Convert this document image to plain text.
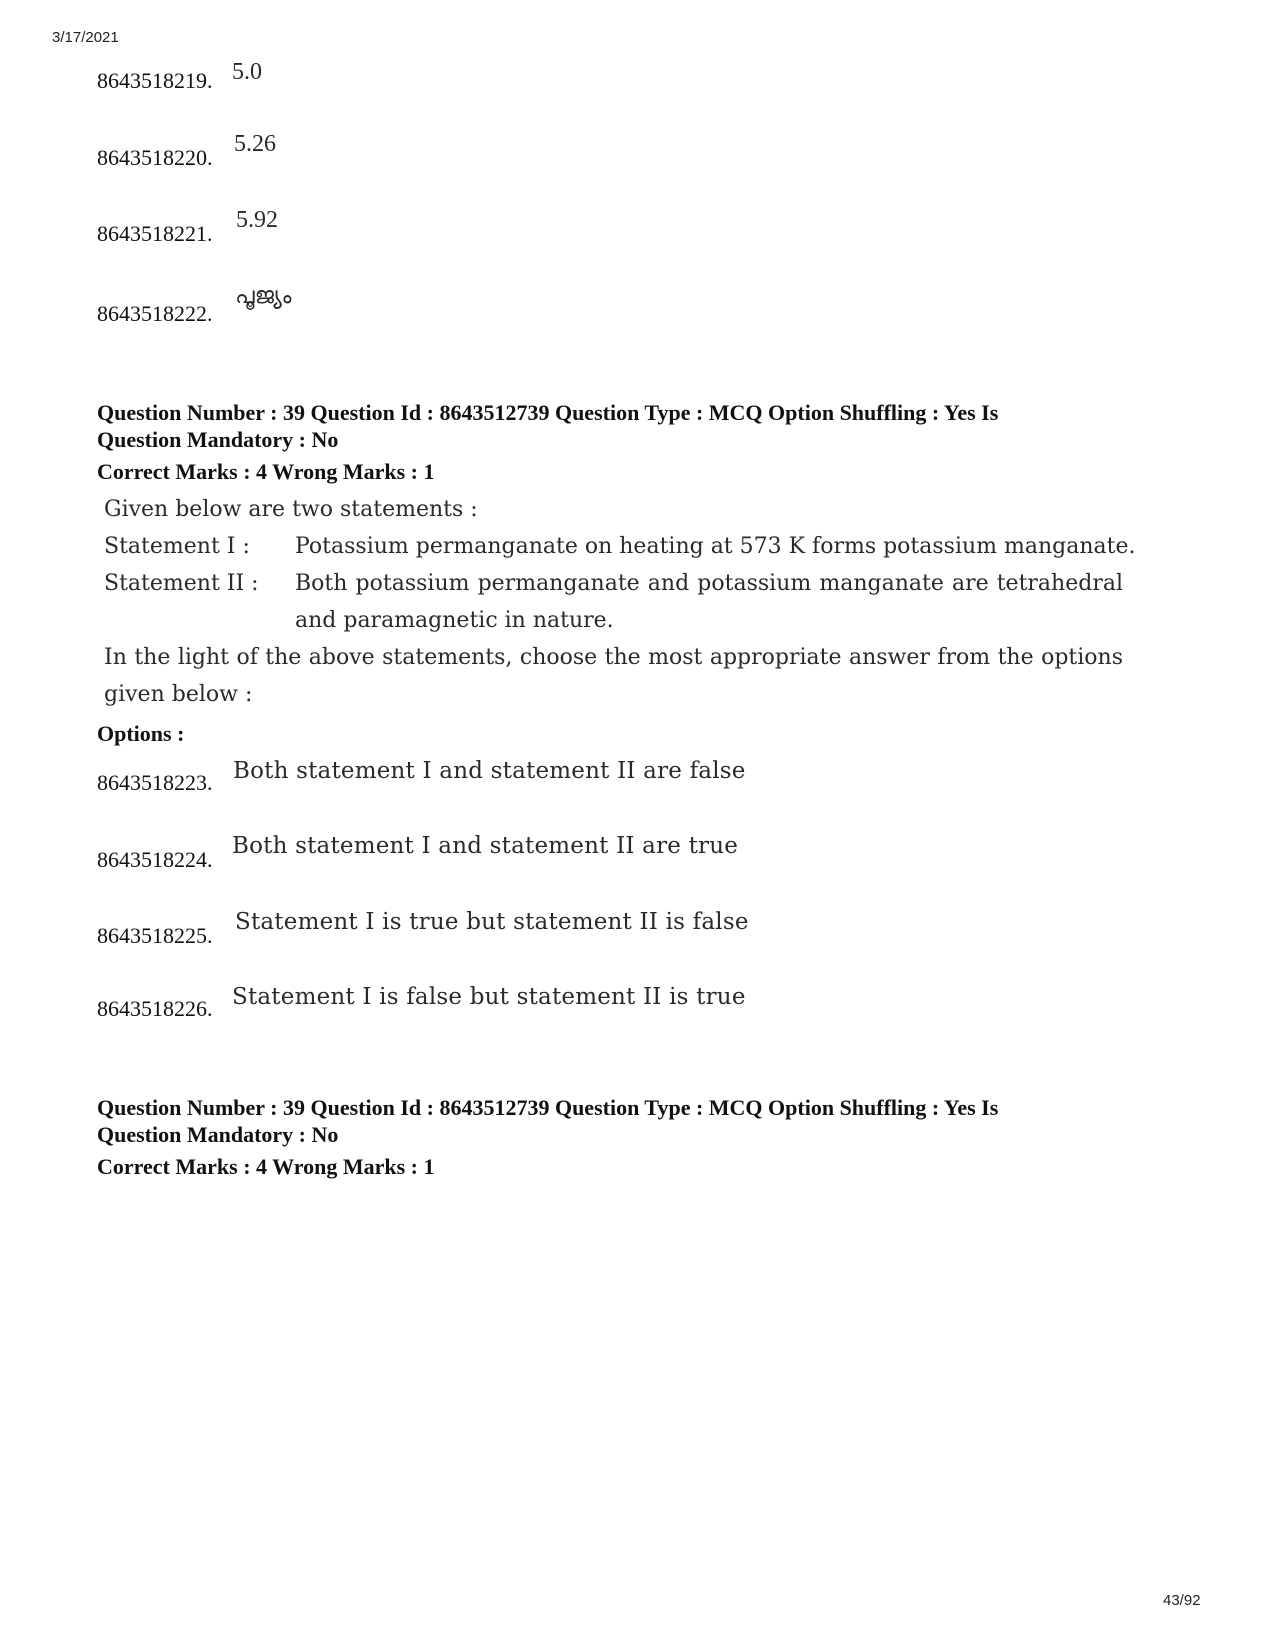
3/17/2021
8643518219. 5.0
8643518220.
5.26
8643518221.
5.92
8643518222.
പൂജ്യം
Question Number : 39 Question Id : 8643512739 Question Type : MCQ Option Shuffling : Yes Is
Question Mandatory : No
Correct Marks : 4 Wrong Marks : 1
Given below are two statements :
Statement I : Potassium permanganate on heating at 573 K forms potassium manganate.
Statement II : Both potassium permanganate and potassium manganate are tetrahedral
and paramagnetic in nature.
In the light of the above statements, choose the most appropriate answer from the options
given below :
Options :
8643518223. Both statement I and statement II are false
8643518224.
Both statement I and statement II are true
8643518225.
Statement I is true but statement II is false
8643518226. Statement I is false but statement II is true
Question Number : 39 Question Id : 8643512739 Question Type : MCQ Option Shuffling : Yes Is
Question Mandatory : No
Correct Marks : 4 Wrong Marks : 1
43/92
